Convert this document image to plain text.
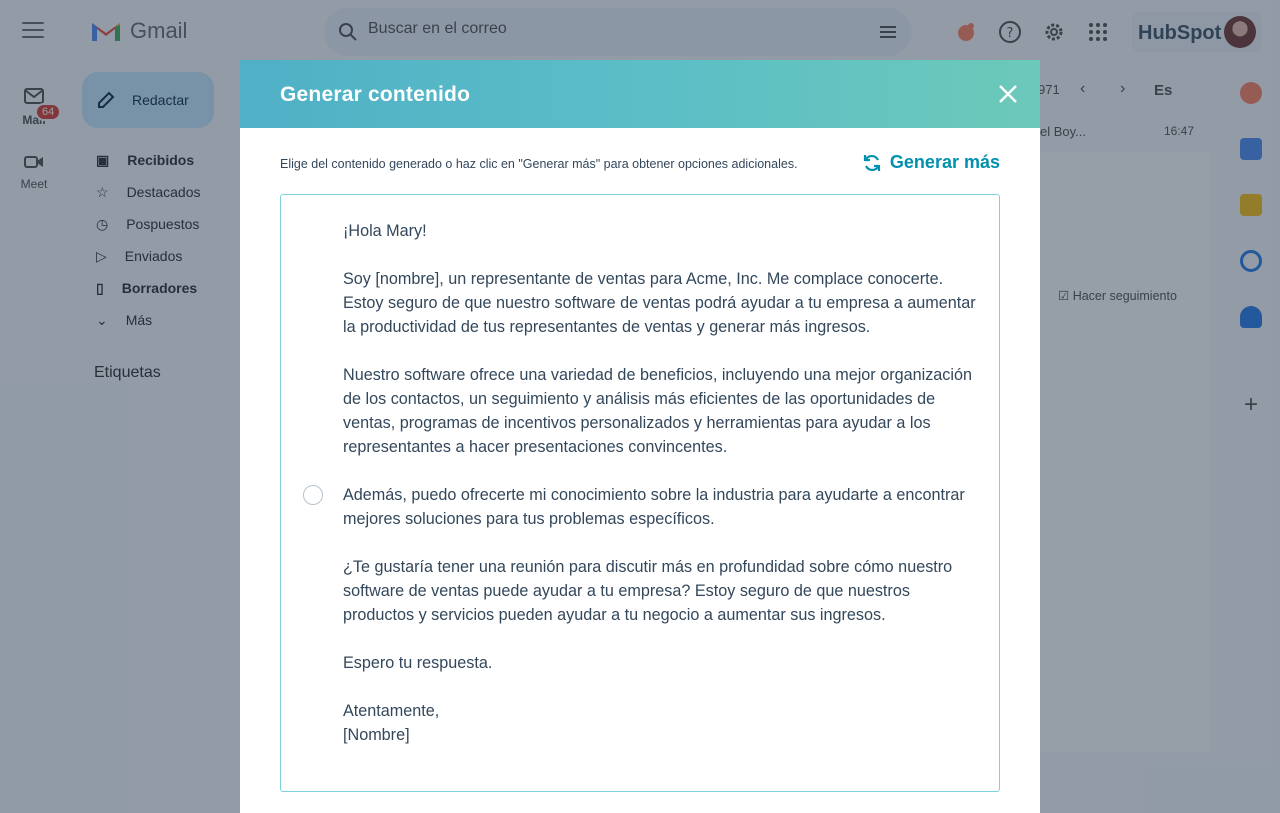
Buscar en el correo
Generar contenido
Elige del contenido generado o haz clic en "Generar más" para obtener opciones adicionales.	Generar más

¡Hola Mary!

Soy [nombre], un representante de ventas para Acme, Inc. Me complace conocerte. Estoy seguro de que nuestro software de ventas podrá ayudar a tu empresa a aumentar la productividad de tus representantes de ventas y generar más ingresos.

Nuestro software ofrece una variedad de beneficios, incluyendo una mejor organización de los contactos, un seguimiento y análisis más eficientes de las oportunidades de ventas, programas de incentivos personalizados y herramientas para ayudar a los representantes a hacer presentaciones convincentes.

Además, puedo ofrecerte mi conocimiento sobre la industria para ayudarte a encontrar mejores soluciones para tus problemas específicos.

¿Te gustaría tener una reunión para discutir más en profundidad sobre cómo nuestro software de ventas puede ayudar a tu empresa? Estoy seguro de que nuestros productos y servicios pueden ayudar a tu negocio a aumentar sus ingresos.

Espero tu respuesta.

Atentamente,
[Nombre]
